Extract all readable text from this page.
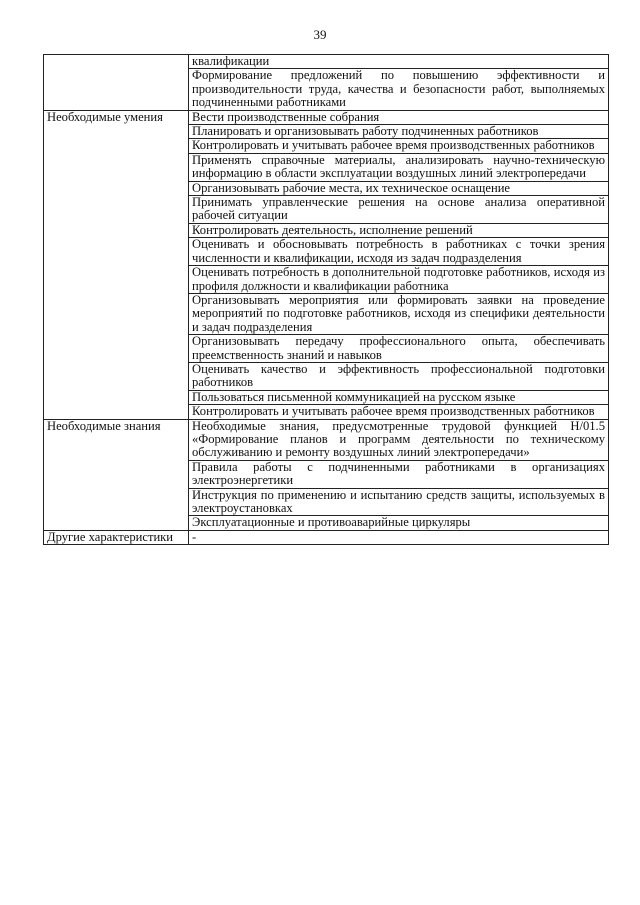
39
	квалификации
	Формирование предложений по повышению эффективности и производительности труда, качества и безопасности работ, выполняемых подчиненными работниками
Необходимые умения	Вести производственные собрания
	Планировать и организовывать работу подчиненных работников
	Контролировать и учитывать рабочее время производственных работников
	Применять справочные материалы, анализировать научно-техническую информацию в области эксплуатации воздушных линий электропередачи
	Организовывать рабочие места, их техническое оснащение
	Принимать управленческие решения на основе анализа оперативной рабочей ситуации
	Контролировать деятельность, исполнение решений
	Оценивать и обосновывать потребность в работниках с точки зрения численности и квалификации, исходя из задач подразделения
	Оценивать потребность в дополнительной подготовке работников, исходя из профиля должности и квалификации работника
	Организовывать мероприятия или формировать заявки на проведение мероприятий по подготовке работников, исходя из специфики деятельности и задач подразделения
	Организовывать передачу профессионального опыта, обеспечивать преемственность знаний и навыков
	Оценивать качество и эффективность профессиональной подготовки работников
	Пользоваться письменной коммуникацией на русском языке
	Контролировать и учитывать рабочее время производственных работников
Необходимые знания	Необходимые знания, предусмотренные трудовой функцией H/01.5 «Формирование планов и программ деятельности по техническому обслуживанию и ремонту воздушных линий электропередачи»
	Правила работы с подчиненными работниками в организациях электроэнергетики
	Инструкция по применению и испытанию средств защиты, используемых в электроустановках
	Эксплуатационные и противоаварийные циркуляры
Другие характеристики	-
